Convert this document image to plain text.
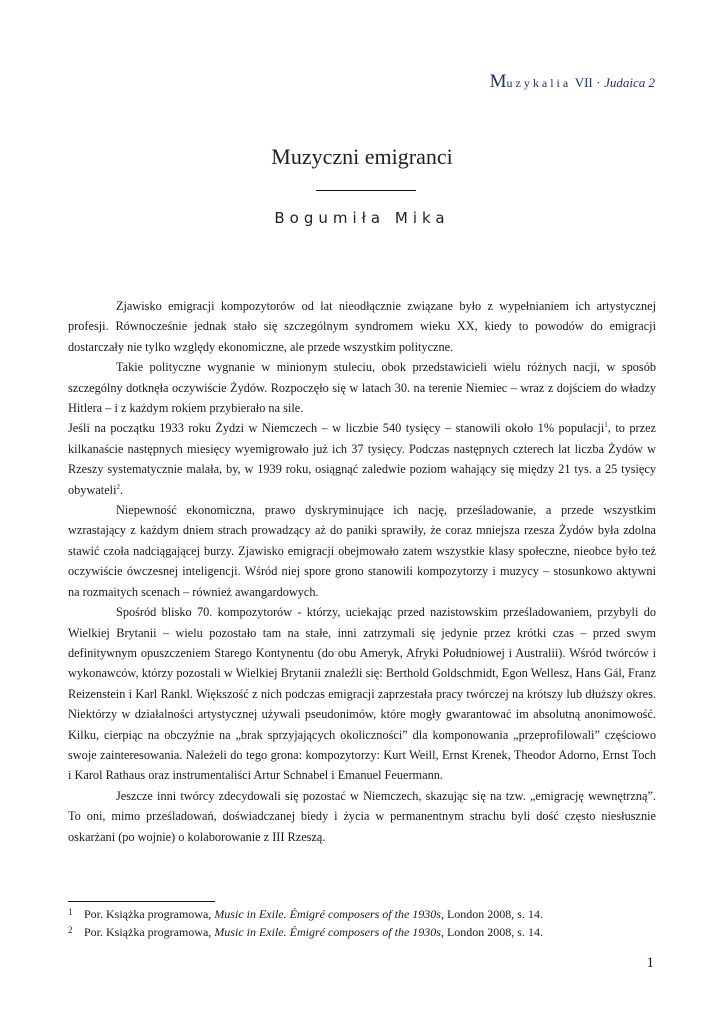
Muzykalia VII · Judaica 2
Muzyczni emigranci
Bogumiła Mika

Zjawisko emigracji kompozytorów od lat nieodłącznie związane było z wypełnianiem ich artystycznej profesji. Równocześnie jednak stało się szczególnym syndromem wieku XX, kiedy to powodów do emigracji dostarczały nie tylko względy ekonomiczne, ale przede wszystkim polityczne.

Takie polityczne wygnanie w minionym stuleciu, obok przedstawicieli wielu różnych nacji, w sposób szczególny dotknęła oczywiście Żydów. Rozpoczęło się w latach 30. na terenie Niemiec – wraz z dojściem do władzy Hitlera – i z każdym rokiem przybierało na sile.

Jeśli na początku 1933 roku Żydzi w Niemczech – w liczbie 540 tysięcy – stanowili około 1% populacji$^1$, to przez kilkanaście następnych miesięcy wyemigrowało już ich 37 tysięcy. Podczas następnych czterech lat liczba Żydów w Rzeszy systematycznie malała, by, w 1939 roku, osiągnąć zaledwie poziom wahający się między 21 tys. a 25 tysięcy obywateli$^2$.

Niepewność ekonomiczna, prawo dyskryminujące ich nację, prześladowanie, a przede wszystkim wzrastający z każdym dniem strach prowadzący aż do paniki sprawiły, że coraz mniejsza rzesza Żydów była zdolna stawić czoła nadciągającej burzy. Zjawisko emigracji obejmowało zatem wszystkie klasy społeczne, nieobce było też oczywiście ówczesnej inteligencji. Wśród niej spore grono stanowili kompozytorzy i muzycy – stosunkowo aktywni na rozmaitych scenach – również awangardowych.

Spośród blisko 70. kompozytorów - którzy, uciekając przed nazistowskim prześladowaniem, przybyli do Wielkiej Brytanii – wielu pozostało tam na stałe, inni zatrzymali się jedynie przez krótki czas – przed swym definitywnym opuszczeniem Starego Kontynentu (do obu Ameryk, Afryki Południowej i Australii). Wśród twórców i wykonawców, którzy pozostali w Wielkiej Brytanii znaleźli się: Berthold Goldschmidt, Egon Wellesz, Hans Gál, Franz Reizenstein i Karl Rankl. Większość z nich podczas emigracji zaprzestała pracy twórczej na krótszy lub dłuższy okres. Niektórzy w działalności artystycznej używali pseudonimów, które mogły gwarantować im absolutną anonimowość. Kilku, cierpiąc na obczyźnie na „brak sprzyjających okoliczności” dla komponowania „przeprofilowali” częściowo swoje zainteresowania. Należeli do tego grona: kompozytorzy: Kurt Weill, Ernst Krenek, Theodor Adorno, Ernst Toch i Karol Rathaus oraz instrumentaliści Artur Schnabel i Emanuel Feuermann.

Jeszcze inni twórcy zdecydowali się pozostać w Niemczech, skazując się na tzw. „emigrację wewnętrzną”. To oni, mimo prześladowań, doświadczanej biedy i życia w permanentnym strachu byli dość często niesłusznie oskarżani (po wojnie) o kolaborowanie z III Rzeszą.

1 Por. Książka programowa, Music in Exile. Émigré composers of the 1930s, London 2008, s. 14.
2 Por. Książka programowa, Music in Exile. Émigré composers of the 1930s, London 2008, s. 14.
1
